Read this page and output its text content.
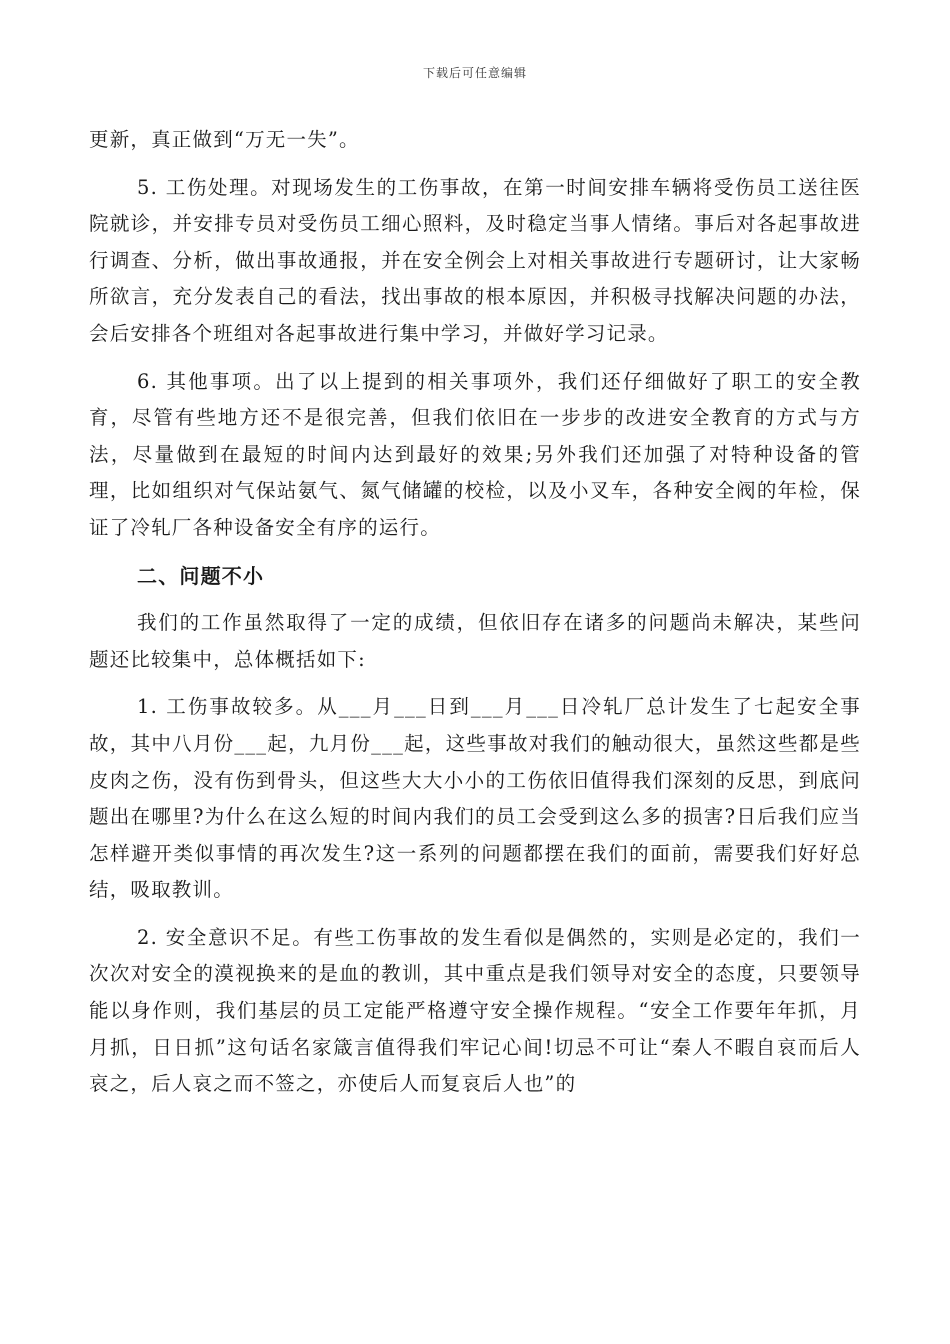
下载后可任意编辑

更新，真正做到“万无一失”。

5. 工伤处理。对现场发生的工伤事故，在第一时间安排车辆将受伤员工送往医院就诊，并安排专员对受伤员工细心照料，及时稳定当事人情绪。事后对各起事故进行调查、分析，做出事故通报，并在安全例会上对相关事故进行专题研讨，让大家畅所欲言，充分发表自己的看法，找出事故的根本原因，并积极寻找解决问题的办法，会后安排各个班组对各起事故进行集中学习，并做好学习记录。

6. 其他事项。出了以上提到的相关事项外，我们还仔细做好了职工的安全教育，尽管有些地方还不是很完善，但我们依旧在一步步的改进安全教育的方式与方法，尽量做到在最短的时间内达到最好的效果;另外我们还加强了对特种设备的管理，比如组织对气保站氨气、氮气储罐的校检，以及小叉车，各种安全阀的年检，保证了冷轧厂各种设备安全有序的运行。

二、问题不小

我们的工作虽然取得了一定的成绩，但依旧存在诸多的问题尚未解决，某些问题还比较集中，总体概括如下:

1. 工伤事故较多。从___月___日到___月___日冷轧厂总计发生了七起安全事故，其中八月份___起，九月份___起，这些事故对我们的触动很大，虽然这些都是些皮肉之伤，没有伤到骨头，但这些大大小小的工伤依旧值得我们深刻的反思，到底问题出在哪里?为什么在这么短的时间内我们的员工会受到这么多的损害?日后我们应当怎样避开类似事情的再次发生?这一系列的问题都摆在我们的面前，需要我们好好总结，吸取教训。

2. 安全意识不足。有些工伤事故的发生看似是偶然的，实则是必定的，我们一次次对安全的漠视换来的是血的教训，其中重点是我们领导对安全的态度，只要领导能以身作则，我们基层的员工定能严格遵守安全操作规程。“安全工作要年年抓，月月抓，日日抓”这句话名家箴言值得我们牢记心间!切忌不可让“秦人不暇自哀而后人哀之，后人哀之而不签之，亦使后人而复哀后人也”的
